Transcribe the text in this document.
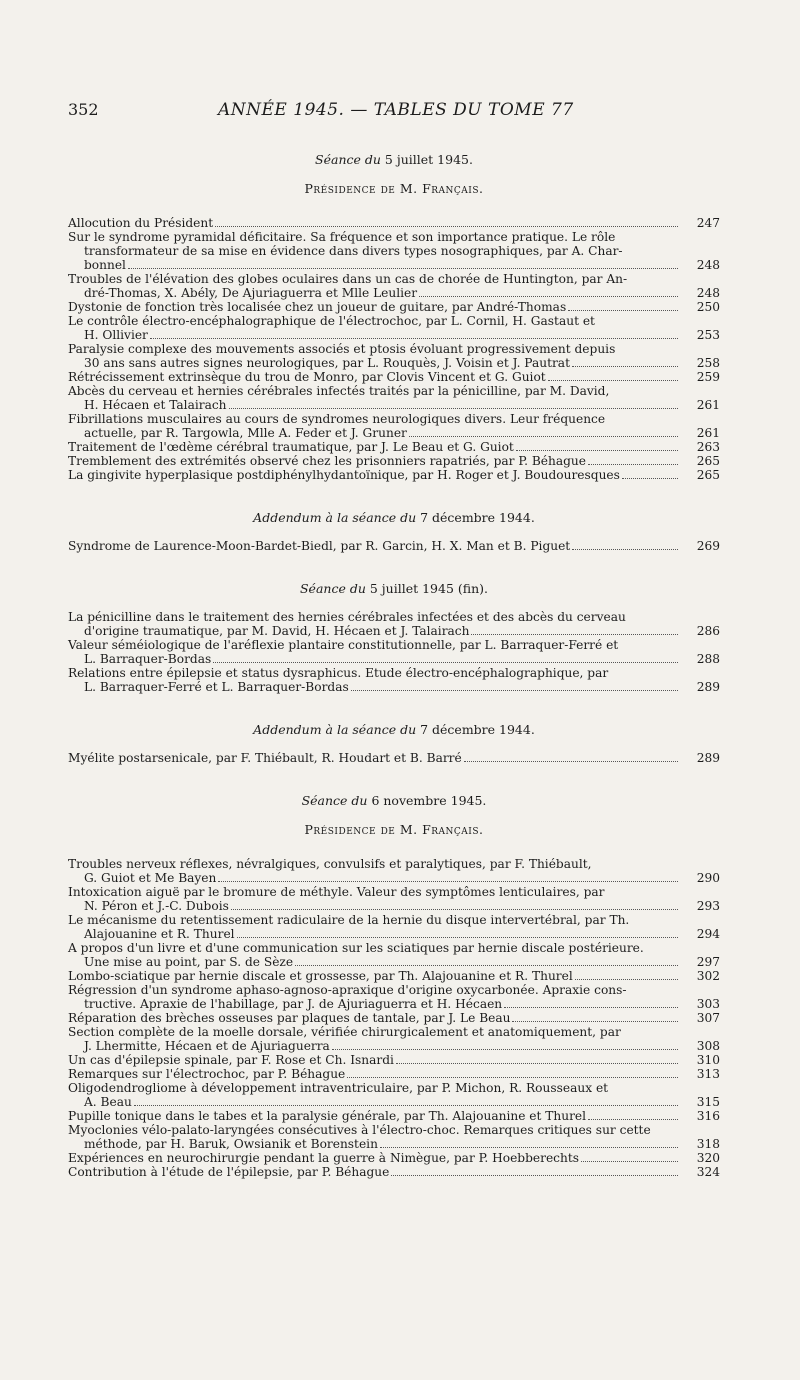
352	ANNÉE 1945. — TABLES DU TOME 77
Séance du 5 juillet 1945.
Présidence de M. Français.
Allocution du Président	247
Sur le syndrome pyramidal déficitaire. Sa fréquence et son importance pratique. Le rôle
transformateur de sa mise en évidence dans divers types nosographiques, par A. Char-
bonnel	248
Troubles de l'élévation des globes oculaires dans un cas de chorée de Huntington, par An-
dré-Thomas, X. Abély, De Ajuriaguerra et Mlle Leulier	248
Dystonie de fonction très localisée chez un joueur de guitare, par André-Thomas	250
Le contrôle électro-encéphalographique de l'électrochoc, par L. Cornil, H. Gastaut et
H. Ollivier	253
Paralysie complexe des mouvements associés et ptosis évoluant progressivement depuis
30 ans sans autres signes neurologiques, par L. Rouquès, J. Voisin et J. Pautrat	258
Rétrécissement extrinsèque du trou de Monro, par Clovis Vincent et G. Guiot	259
Abcès du cerveau et hernies cérébrales infectés traités par la pénicilline, par M. David,
H. Hécaen et Talairach	261
Fibrillations musculaires au cours de syndromes neurologiques divers. Leur fréquence
actuelle, par R. Targowla, Mlle A. Feder et J. Gruner	261
Traitement de l'œdème cérébral traumatique, par J. Le Beau et G. Guiot	263
Tremblement des extrémités observé chez les prisonniers rapatriés, par P. Béhague	265
La gingivite hyperplasique postdiphénylhydantoïnique, par H. Roger et J. Boudouresques	265
Addendum à la séance du 7 décembre 1944.
Syndrome de Laurence-Moon-Bardet-Biedl, par R. Garcin, H. X. Man et B. Piguet	269
Séance du 5 juillet 1945 (fin).
La pénicilline dans le traitement des hernies cérébrales infectées et des abcès du cerveau
d'origine traumatique, par M. David, H. Hécaen et J. Talairach	286
Valeur séméiologique de l'aréflexie plantaire constitutionnelle, par L. Barraquer-Ferré et
L. Barraquer-Bordas	288
Relations entre épilepsie et status dysraphicus. Etude électro-encéphalographique, par
L. Barraquer-Ferré et L. Barraquer-Bordas	289
Addendum à la séance du 7 décembre 1944.
Myélite postarsenicale, par F. Thiébault, R. Houdart et B. Barré	289
Séance du 6 novembre 1945.
Présidence de M. Français.
Troubles nerveux réflexes, névralgiques, convulsifs et paralytiques, par F. Thiébault,
G. Guiot et Me Bayen	290
Intoxication aiguë par le bromure de méthyle. Valeur des symptômes lenticulaires, par
N. Péron et J.-C. Dubois	293
Le mécanisme du retentissement radiculaire de la hernie du disque intervertébral, par Th.
Alajouanine et R. Thurel	294
A propos d'un livre et d'une communication sur les sciatiques par hernie discale postérieure.
Une mise au point, par S. de Sèze	297
Lombo-sciatique par hernie discale et grossesse, par Th. Alajouanine et R. Thurel	302
Régression d'un syndrome aphaso-agnoso-apraxique d'origine oxycarbonée. Apraxie cons-
tructive. Apraxie de l'habillage, par J. de Ajuriaguerra et H. Hécaen	303
Réparation des brèches osseuses par plaques de tantale, par J. Le Beau	307
Section complète de la moelle dorsale, vérifiée chirurgicalement et anatomiquement, par
J. Lhermitte, Hécaen et de Ajuriaguerra	308
Un cas d'épilepsie spinale, par F. Rose et Ch. Isnardi	310
Remarques sur l'électrochoc, par P. Béhague	313
Oligodendrogliome à développement intraventriculaire, par P. Michon, R. Rousseaux et
A. Beau	315
Pupille tonique dans le tabes et la paralysie générale, par Th. Alajouanine et Thurel	316
Myoclonies vélo-palato-laryngées consécutives à l'électro-choc. Remarques critiques sur cette
méthode, par H. Baruk, Owsianik et Borenstein	318
Expériences en neurochirurgie pendant la guerre à Nimègue, par P. Hoebberechts	320
Contribution à l'étude de l'épilepsie, par P. Béhague	324
